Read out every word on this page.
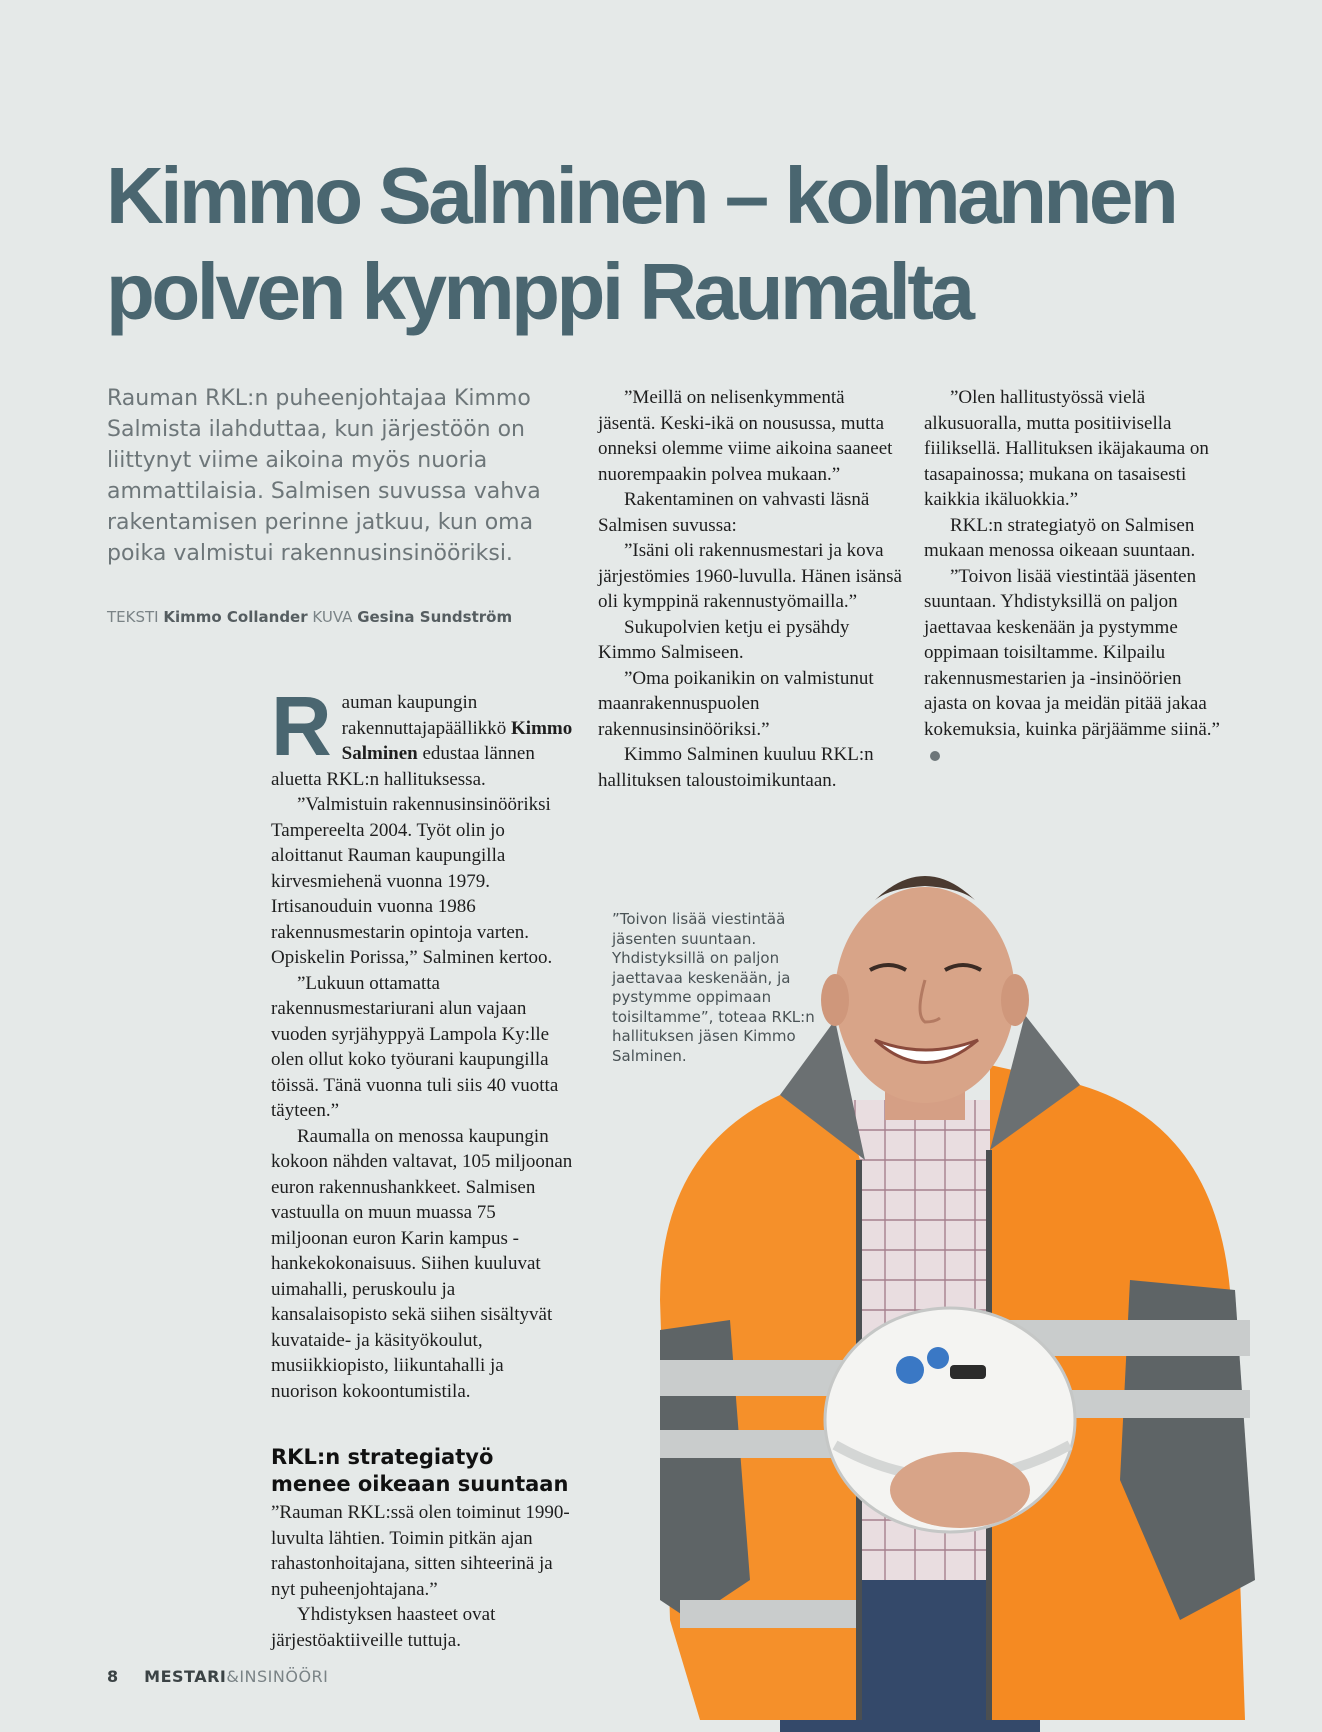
Kimmo Salminen – kolmannen polven kymppi Raumalta

Rauman RKL:n puheenjohtajaa Kimmo Salmista ilahduttaa, kun järjestöön on liittynyt viime aikoina myös nuoria ammattilaisia. Salmisen suvussa vahva rakentamisen perinne jatkuu, kun oma poika valmistui rakennusinsinööriksi.

TEKSTI Kimmo Collander KUVA Gesina Sundström

Rauman kaupungin rakennuttajapäällikkö Kimmo Salminen edustaa lännen aluetta RKL:n hallituksessa.

”Valmistuin rakennusinsinööriksi Tampereelta 2004. Työt olin jo aloittanut Rauman kaupungilla kirvesmiehenä vuonna 1979. Irtisanouduin vuonna 1986 rakennusmestarin opintoja varten. Opiskelin Porissa,” Salminen kertoo.

”Lukuun ottamatta rakennusmestariurani alun vajaan vuoden syrjähyppyä Lampola Ky:lle olen ollut koko työurani kaupungilla töissä. Tänä vuonna tuli siis 40 vuotta täyteen.”

Raumalla on menossa kaupungin kokoon nähden valtavat, 105 miljoonan euron rakennushankkeet. Salmisen vastuulla on muun muassa 75 miljoonan euron Karin kampus -hankekokonaisuus. Siihen kuuluvat uimahalli, peruskoulu ja kansalaisopisto sekä siihen sisältyvät kuvataide- ja käsityökoulut, musiikkiopisto, liikuntahalli ja nuorison kokoontumistila.

RKL:n strategiatyö menee oikeaan suuntaan

”Rauman RKL:ssä olen toiminut 1990-luvulta lähtien. Toimin pitkän ajan rahastonhoitajana, sitten sihteerinä ja nyt puheenjohtajana.”

Yhdistyksen haasteet ovat järjestöaktiiveille tuttuja.

”Meillä on nelisenkymmentä jäsentä. Keski-ikä on nousussa, mutta onneksi olemme viime aikoina saaneet nuorempaakin polvea mukaan.”

Rakentaminen on vahvasti läsnä Salmisen suvussa:

”Isäni oli rakennusmestari ja kova järjestömies 1960-luvulla. Hänen isänsä oli kymppinä rakennustyömailla.”

Sukupolvien ketju ei pysähdy Kimmo Salmiseen.

”Oma poikanikin on valmistunut maanrakennuspuolen rakennusinsinööriksi.”

Kimmo Salminen kuuluu RKL:n hallituksen taloustoimikuntaan.

”Olen hallitustyössä vielä alkusuoralla, mutta positiivisella fiiliksellä. Hallituksen ikäjakauma on tasapainossa; mukana on tasaisesti kaikkia ikäluokkia.”

RKL:n strategiatyö on Salmisen mukaan menossa oikeaan suuntaan.

”Toivon lisää viestintää jäsenten suuntaan. Yhdistyksillä on paljon jaettavaa keskenään ja pystymme oppimaan toisiltamme. Kilpailu rakennusmestarien ja -insinöörien ajasta on kovaa ja meidän pitää jakaa kokemuksia, kuinka pärjäämme siinä.”

”Toivon lisää viestintää jäsenten suuntaan. Yhdistyksillä on paljon jaettavaa keskenään, ja pystymme oppimaan toisiltamme”, toteaa RKL:n hallituksen jäsen Kimmo Salminen.

8 MESTARI&INSINÖÖRI
